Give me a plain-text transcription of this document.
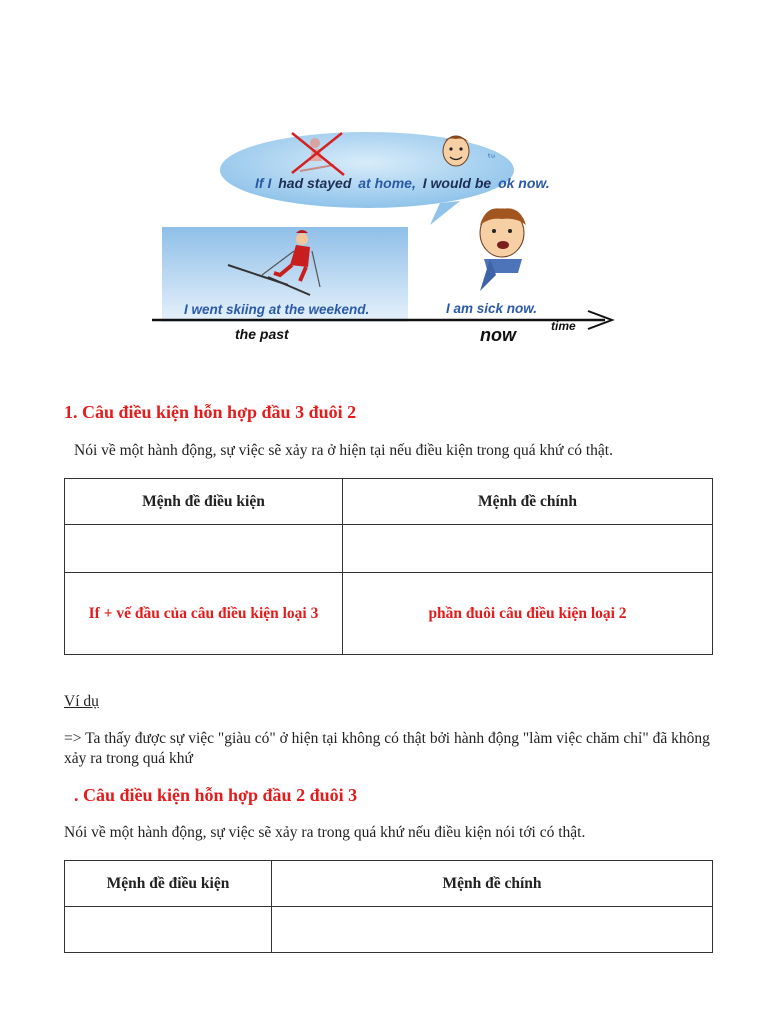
If I had stayed at home, I would be ok now.
ᵗᵘ
I went skiing at the weekend.	I am sick now.
the past	now	time
1. Câu điều kiện hỗn hợp đầu 3 đuôi 2

Nói về một hành động, sự việc sẽ xảy ra ở hiện tại nếu điều kiện trong quá khứ có thật.

Mệnh đề điều kiện	Mệnh đề chính

If + vế đầu của câu điều kiện loại 3	phần đuôi câu điều kiện loại 2

Ví dụ

=> Ta thấy được sự việc "giàu có" ở hiện tại không có thật bởi hành động "làm việc chăm chỉ" đã không xảy ra trong quá khứ

. Câu điều kiện hỗn hợp đầu 2 đuôi 3

Nói về một hành động, sự việc sẽ xảy ra trong quá khứ nếu điều kiện nói tới có thật.

Mệnh đề điều kiện	Mệnh đề chính
